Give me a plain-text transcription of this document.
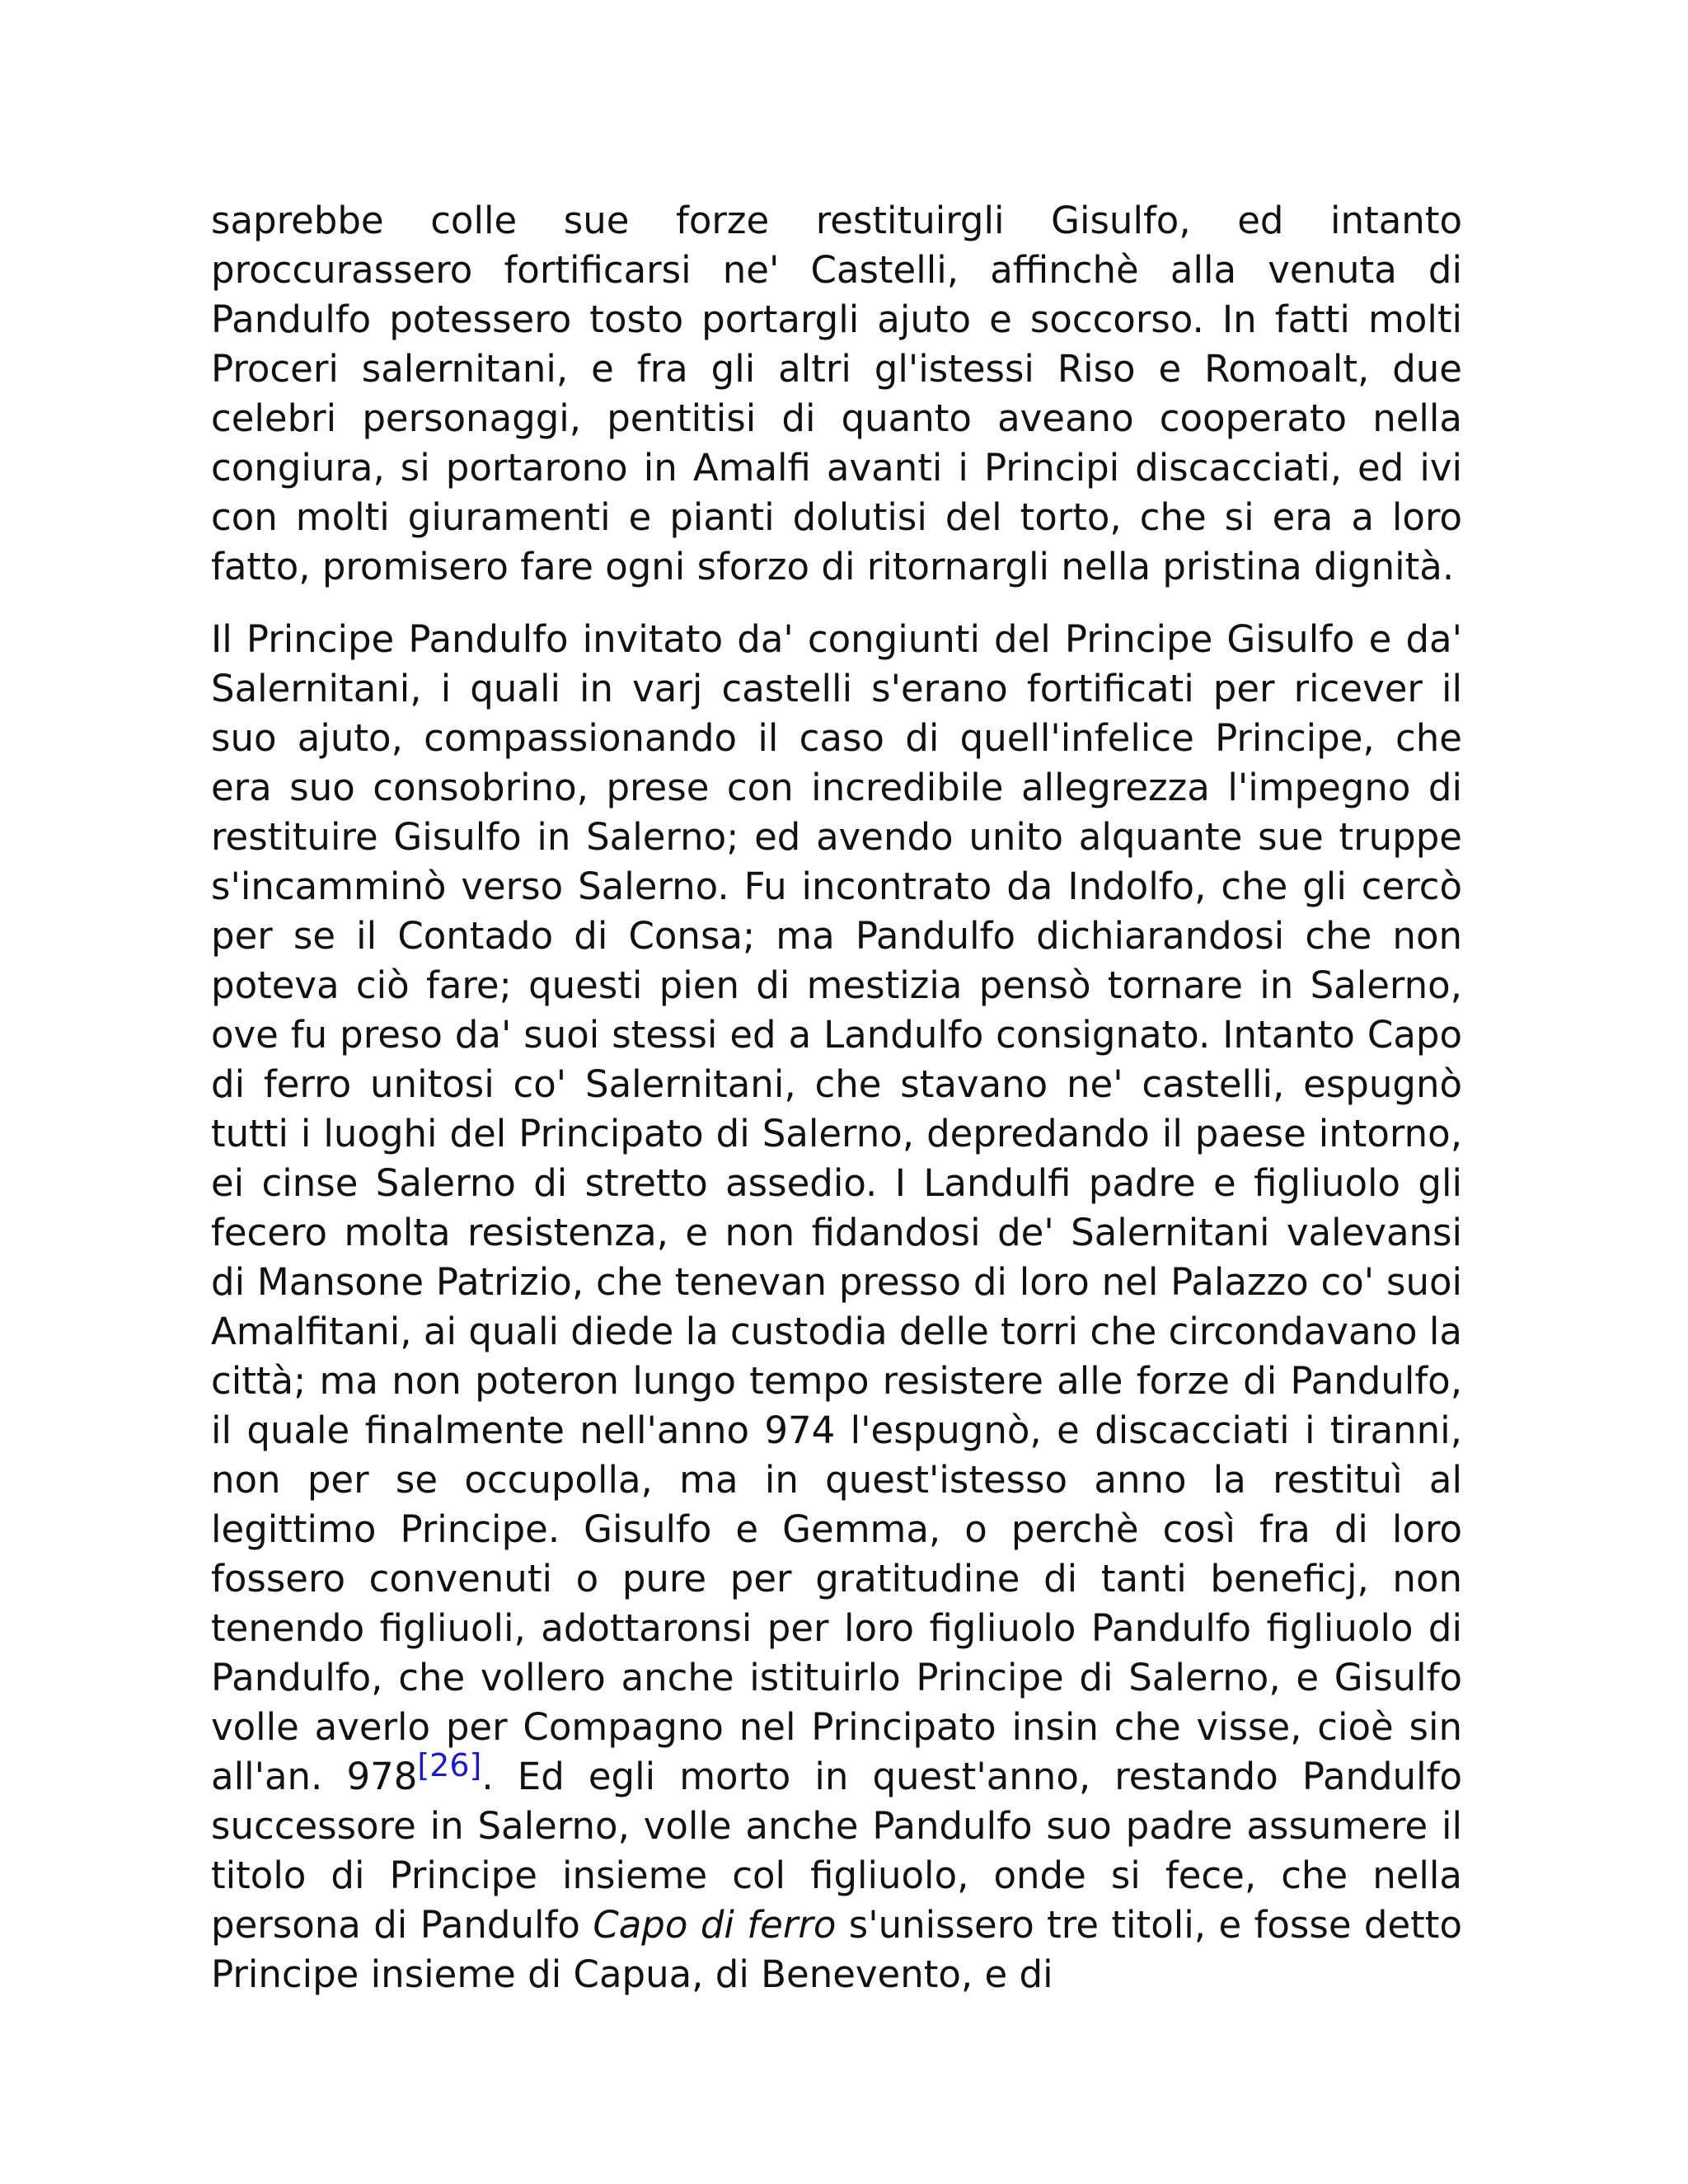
saprebbe colle sue forze restituirgli Gisulfo, ed intanto proccurassero fortificarsi ne' Castelli, affinchè alla venuta di Pandulfo potessero tosto portargli ajuto e soccorso. In fatti molti Proceri salernitani, e fra gli altri gl'istessi Riso e Romoalt, due celebri personaggi, pentitisi di quanto aveano cooperato nella congiura, si portarono in Amalfi avanti i Principi discacciati, ed ivi con molti giuramenti e pianti dolutisi del torto, che si era a loro fatto, promisero fare ogni sforzo di ritornargli nella pristina dignità.

Il Principe Pandulfo invitato da' congiunti del Principe Gisulfo e da' Salernitani, i quali in varj castelli s'erano fortificati per ricever il suo ajuto, compassionando il caso di quell'infelice Principe, che era suo consobrino, prese con incredibile allegrezza l'impegno di restituire Gisulfo in Salerno; ed avendo unito alquante sue truppe s'incamminò verso Salerno. Fu incontrato da Indolfo, che gli cercò per se il Contado di Consa; ma Pandulfo dichiarandosi che non poteva ciò fare; questi pien di mestizia pensò tornare in Salerno, ove fu preso da' suoi stessi ed a Landulfo consignato. Intanto Capo di ferro unitosi co' Salernitani, che stavano ne' castelli, espugnò tutti i luoghi del Principato di Salerno, depredando il paese intorno, ei cinse Salerno di stretto assedio. I Landulfi padre e figliuolo gli fecero molta resistenza, e non fidandosi de' Salernitani valevansi di Mansone Patrizio, che tenevan presso di loro nel Palazzo co' suoi Amalfitani, ai quali diede la custodia delle torri che circondavano la città; ma non poteron lungo tempo resistere alle forze di Pandulfo, il quale finalmente nell'anno 974 l'espugnò, e discacciati i tiranni, non per se occupolla, ma in quest'istesso anno la restituì al legittimo Principe. Gisulfo e Gemma, o perchè così fra di loro fossero convenuti o pure per gratitudine di tanti beneficj, non tenendo figliuoli, adottaronsi per loro figliuolo Pandulfo figliuolo di Pandulfo, che vollero anche istituirlo Principe di Salerno, e Gisulfo volle averlo per Compagno nel Principato insin che visse, cioè sin all'an. 978[26]. Ed egli morto in quest'anno, restando Pandulfo successore in Salerno, volle anche Pandulfo suo padre assumere il titolo di Principe insieme col figliuolo, onde si fece, che nella persona di Pandulfo Capo di ferro s'unissero tre titoli, e fosse detto Principe insieme di Capua, di Benevento, e di
